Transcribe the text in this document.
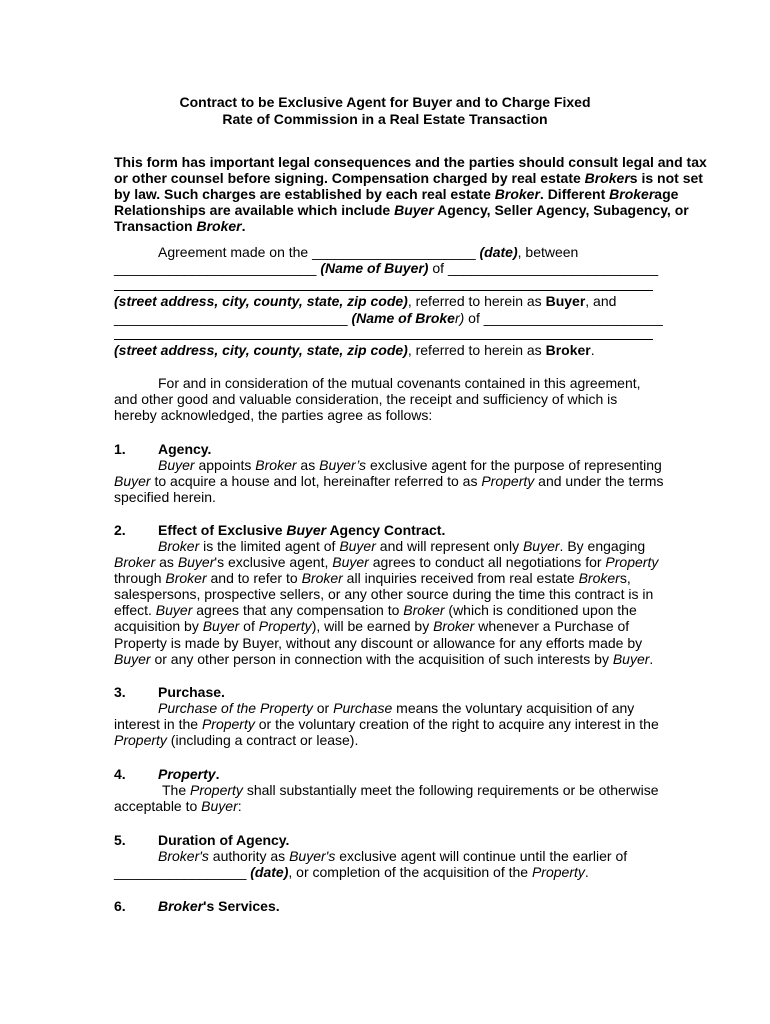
Contract to be Exclusive Agent for Buyer and to Charge Fixed
Rate of Commission in a Real Estate Transaction
This form has important legal consequences and the parties should consult legal and tax
or other counsel before signing. Compensation charged by real estate Brokers is not set
by law. Such charges are established by each real estate Broker. Different Brokerage
Relationships are available which include Buyer Agency, Seller Agency, Subagency, or
Transaction Broker.
Agreement made on the _____________________ (date), between
__________________________ (Name of Buyer) of ___________________________
(street address, city, county, state, zip code), referred to herein as Buyer, and
______________________________ (Name of Broker) of _______________________
(street address, city, county, state, zip code), referred to herein as Broker.
For and in consideration of the mutual covenants contained in this agreement,
and other good and valuable consideration, the receipt and sufficiency of which is
hereby acknowledged, the parties agree as follows:
1. Agency.
Buyer appoints Broker as Buyer’s exclusive agent for the purpose of representing
Buyer to acquire a house and lot, hereinafter referred to as Property and under the terms
specified herein.
2. Effect of Exclusive Buyer Agency Contract.
Broker is the limited agent of Buyer and will represent only Buyer. By engaging
Broker as Buyer's exclusive agent, Buyer agrees to conduct all negotiations for Property
through Broker and to refer to Broker all inquiries received from real estate Brokers,
salespersons, prospective sellers, or any other source during the time this contract is in
effect. Buyer agrees that any compensation to Broker (which is conditioned upon the
acquisition by Buyer of Property), will be earned by Broker whenever a Purchase of
Property is made by Buyer, without any discount or allowance for any efforts made by
Buyer or any other person in connection with the acquisition of such interests by Buyer.
3. Purchase.
Purchase of the Property or Purchase means the voluntary acquisition of any
interest in the Property or the voluntary creation of the right to acquire any interest in the
Property (including a contract or lease).
4. Property.
The Property shall substantially meet the following requirements or be otherwise
acceptable to Buyer:
5. Duration of Agency.
Broker's authority as Buyer's exclusive agent will continue until the earlier of
_________________ (date), or completion of the acquisition of the Property.
6. Broker's Services.
